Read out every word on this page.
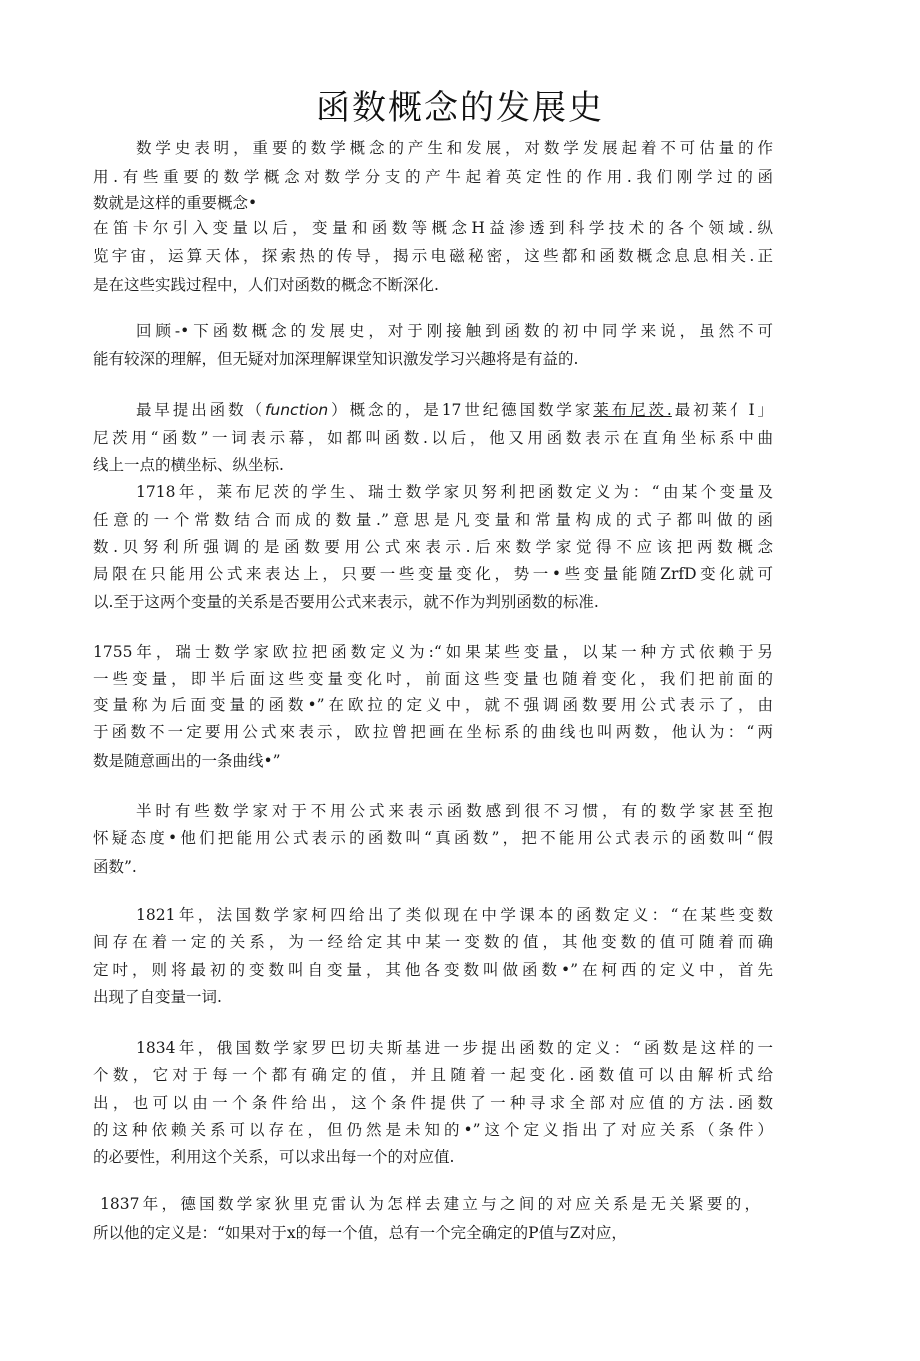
函数概念的发展史
数学史表明，重要的数学概念的产生和发展，对数学发展起着不可估量的作
用.有些重要的数学概念对数学分支的产牛起着英定性的作用.我们刚学过的函
数就是这样的重要概念•
在笛卡尔引入变量以后，变量和函数等概念H益渗透到科学技术的各个领域.纵
览宇宙，运算天体，探索热的传导，揭示电磁秘密，这些都和函数概念息息相关.正
是在这些实践过程中，人们对函数的概念不断深化.
回顾-•下函数概念的发展史，对于刚接触到函数的初中同学来说，虽然不可
能有较深的理解，但无疑对加深理解课堂知识激发学习兴趣将是有益的.
最早提出函数（function）概念的，是17世纪德国数学家莱布尼茨.最初莱亻I」
尼茨用“函数”一词表示幕，如都叫函数.以后，他又用函数表示在直角坐标系中曲
线上一点的横坐标、纵坐标.
1718年，莱布尼茨的学生、瑞士数学家贝努利把函数定义为：“由某个变量及
任意的一个常数结合而成的数量.”意思是凡变量和常量构成的式子都叫做的函
数.贝努利所强调的是函数要用公式來表示.后來数学家觉得不应该把两数概念
局限在只能用公式来表达上，只要一些变量变化，势一•些变量能随ZrfD变化就可
以.至于这两个变量的关系是否要用公式来表示，就不作为判别函数的标准.
1755年，瑞士数学家欧拉把函数定义为:“如果某些变量，以某一种方式依赖于另
一些变量，即半后面这些变量变化吋，前面这些变量也随着变化，我们把前面的
变量称为后面变量的函数•”在欧拉的定义中，就不强调函数要用公式表示了，由
于函数不一定要用公式來表示，欧拉曾把画在坐标系的曲线也叫两数，他认为：“两
数是随意画出的一条曲线•”
半时有些数学家对于不用公式来表示函数感到很不习惯，有的数学家甚至抱
怀疑态度•他们把能用公式表示的函数叫“真函数”，把不能用公式表示的函数叫“假
函数”.
1821年，法国数学家柯四给出了类似现在中学课本的函数定义：“在某些变数
间存在着一定的关系，为一经给定其中某一变数的值，其他变数的值可随着而确
定吋，则将最初的变数叫自变量，其他各变数叫做函数•”在柯西的定义中，首先
出现了自变量一词.
1834年，俄国数学家罗巴切夫斯基进一步提出函数的定义：“函数是这样的一
个数，它对于每一个都有确定的值，并且随着一起变化.函数值可以由解析式给
出，也可以由一个条件给出，这个条件提供了一种寻求全部对应值的方法.函数
的这种依赖关系可以存在，但仍然是未知的•”这个定义指出了对应关系（条件）
的必要性，利用这个关系，可以求出每一个的对应值.
1837年，德国数学家狄里克雷认为怎样去建立与之间的对应关系是无关紧要的，
所以他的定义是：“如果对于x的每一个值，总有一个完全确定的P值与Z对应，
